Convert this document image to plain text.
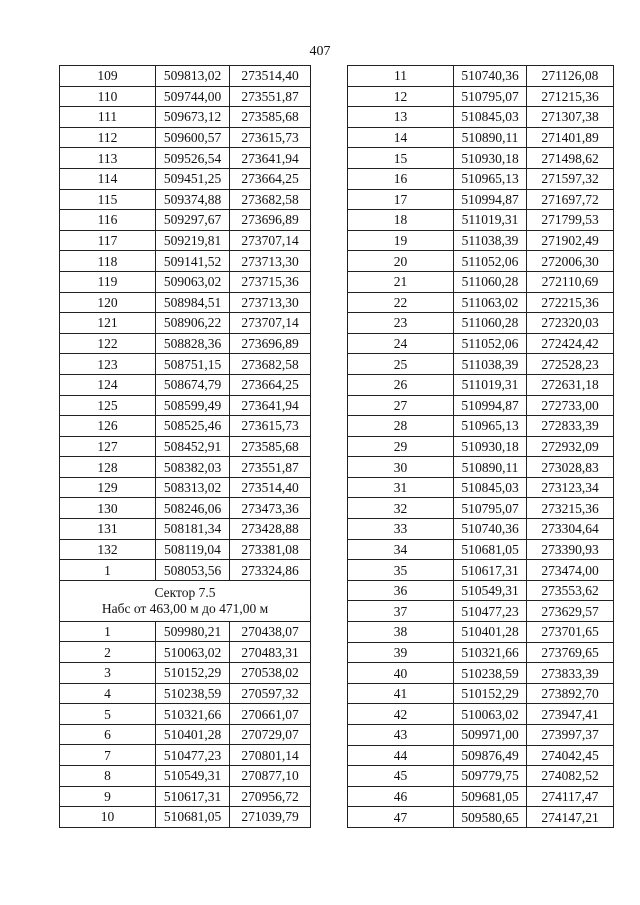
407
109	509813,02	273514,40
110	509744,00	273551,87
111	509673,12	273585,68
112	509600,57	273615,73
113	509526,54	273641,94
114	509451,25	273664,25
115	509374,88	273682,58
116	509297,67	273696,89
117	509219,81	273707,14
118	509141,52	273713,30
119	509063,02	273715,36
120	508984,51	273713,30
121	508906,22	273707,14
122	508828,36	273696,89
123	508751,15	273682,58
124	508674,79	273664,25
125	508599,49	273641,94
126	508525,46	273615,73
127	508452,91	273585,68
128	508382,03	273551,87
129	508313,02	273514,40
130	508246,06	273473,36
131	508181,34	273428,88
132	508119,04	273381,08
1	508053,56	273324,86

Сектор 7.5
Набс от 463,00 м до 471,00 м		

1	509980,21	270438,07
2	510063,02	270483,31
3	510152,29	270538,02
4	510238,59	270597,32
5	510321,66	270661,07
6	510401,28	270729,07
7	510477,23	270801,14
8	510549,31	270877,10
9	510617,31	270956,72
10	510681,05	271039,79
11	510740,36	271126,08
12	510795,07	271215,36
13	510845,03	271307,38
14	510890,11	271401,89
15	510930,18	271498,62
16	510965,13	271597,32
17	510994,87	271697,72
18	511019,31	271799,53
19	511038,39	271902,49
20	511052,06	272006,30
21	511060,28	272110,69
22	511063,02	272215,36
23	511060,28	272320,03
24	511052,06	272424,42
25	511038,39	272528,23
26	511019,31	272631,18
27	510994,87	272733,00
28	510965,13	272833,39
29	510930,18	272932,09
30	510890,11	273028,83
31	510845,03	273123,34
32	510795,07	273215,36
33	510740,36	273304,64
34	510681,05	273390,93
35	510617,31	273474,00
36	510549,31	273553,62
37	510477,23	273629,57
38	510401,28	273701,65
39	510321,66	273769,65
40	510238,59	273833,39
41	510152,29	273892,70
42	510063,02	273947,41
43	509971,00	273997,37
44	509876,49	274042,45
45	509779,75	274082,52
46	509681,05	274117,47
47	509580,65	274147,21
